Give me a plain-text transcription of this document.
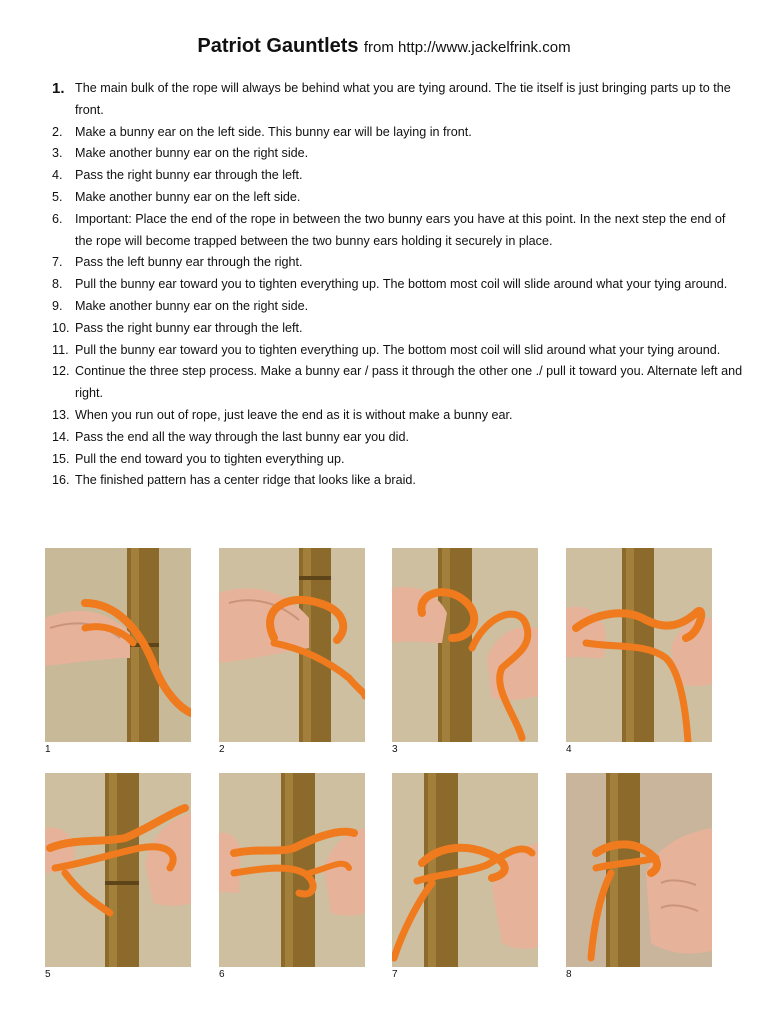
Patriot Gauntlets from http://www.jackelfrink.com
1. The main bulk of the rope will always be behind what you are tying around. The tie itself is just bringing parts up to the front.
2. Make a bunny ear on the left side. This bunny ear will be laying in front.
3. Make another bunny ear on the right side.
4. Pass the right bunny ear through the left.
5. Make another bunny ear on the left side.
6. Important: Place the end of the rope in between the two bunny ears you have at this point. In the next step the end of the rope will become trapped between the two bunny ears holding it securely in place.
7. Pass the left bunny ear through the right.
8. Pull the bunny ear toward you to tighten everything up. The bottom most coil will slide around what your tying around.
9. Make another bunny ear on the right side.
10. Pass the right bunny ear through the left.
11. Pull the bunny ear toward you to tighten everything up. The bottom most coil will slid around what your tying around.
12. Continue the three step process. Make a bunny ear / pass it through the other one ./ pull it toward you. Alternate left and right.
13. When you run out of rope, just leave the end as it is without make a bunny ear.
14. Pass the end all the way through the last bunny ear you did.
15. Pull the end toward you to tighten everything up.
16. The finished pattern has a center ridge that looks like a braid.
1	2	3	4
5	6	7	8
